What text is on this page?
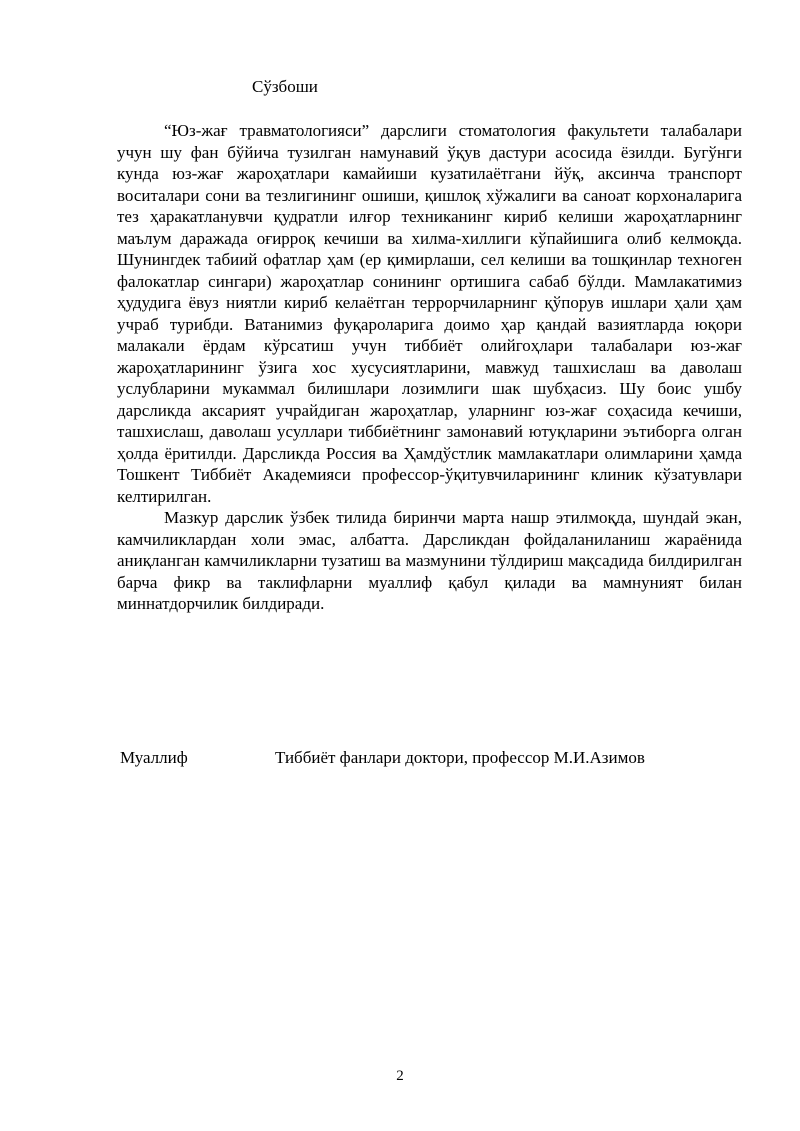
Сўзбоши

“Юз-жағ травматологияси” дарслиги стоматология факультети талабалари учун шу фан бўйича тузилган намунавий ўқув дастури асосида ёзилди. Бугўнги кунда юз-жағ жароҳатлари камайиши кузатилаётгани йўқ, аксинча транспорт воситалари сони ва тезлигининг ошиши, қишлоқ хўжалиги ва саноат корхоналарига тез ҳаракатланувчи қудратли илғор техниканинг кириб келиши жароҳатларнинг маълум даражада оғирроқ кечиши ва хилма-хиллиги кўпайишига олиб келмоқда. Шунингдек табиий офатлар ҳам (ер қимирлаши, сел келиши ва тошқинлар техноген фалокатлар сингари) жароҳатлар сонининг ортишига сабаб бўлди. Мамлакатимиз ҳудудига ёвуз ниятли кириб келаётган террорчиларнинг қўпорув ишлари ҳали ҳам учраб турибди. Ватанимиз фуқароларига доимо ҳар қандай вазиятларда юқори малакали ёрдам кўрсатиш учун тиббиёт олийгоҳлари талабалари юз-жағ жароҳатларининг ўзига хос хусусиятларини, мавжуд ташхислаш ва даволаш услубларини мукаммал билишлари лозимлиги шак шубҳасиз. Шу боис ушбу дарсликда аксарият учрайдиган жароҳатлар, уларнинг юз-жағ соҳасида кечиши, ташхислаш, даволаш усуллари тиббиётнинг замонавий ютуқларини эътиборга олган ҳолда ёритилди. Дарсликда Россия ва Ҳамдўстлик мамлакатлари олимларини ҳамда Тошкент Тиббиёт Академияси профессор-ўқитувчиларининг клиник кўзатувлари келтирилган.

Мазкур дарслик ўзбек тилида биринчи марта нашр этилмоқда, шундай экан, камчиликлардан холи эмас, албатта. Дарсликдан фойдаланиланиш жараёнида аниқланган камчиликларни тузатиш ва мазмунини тўлдириш мақсадида билдирилган барча фикр ва таклифларни муаллиф қабул қилади ва мамнуният билан миннатдорчилик билдиради.

Муаллиф	Тиббиёт фанлари доктори, профессор М.И.Азимов
2
